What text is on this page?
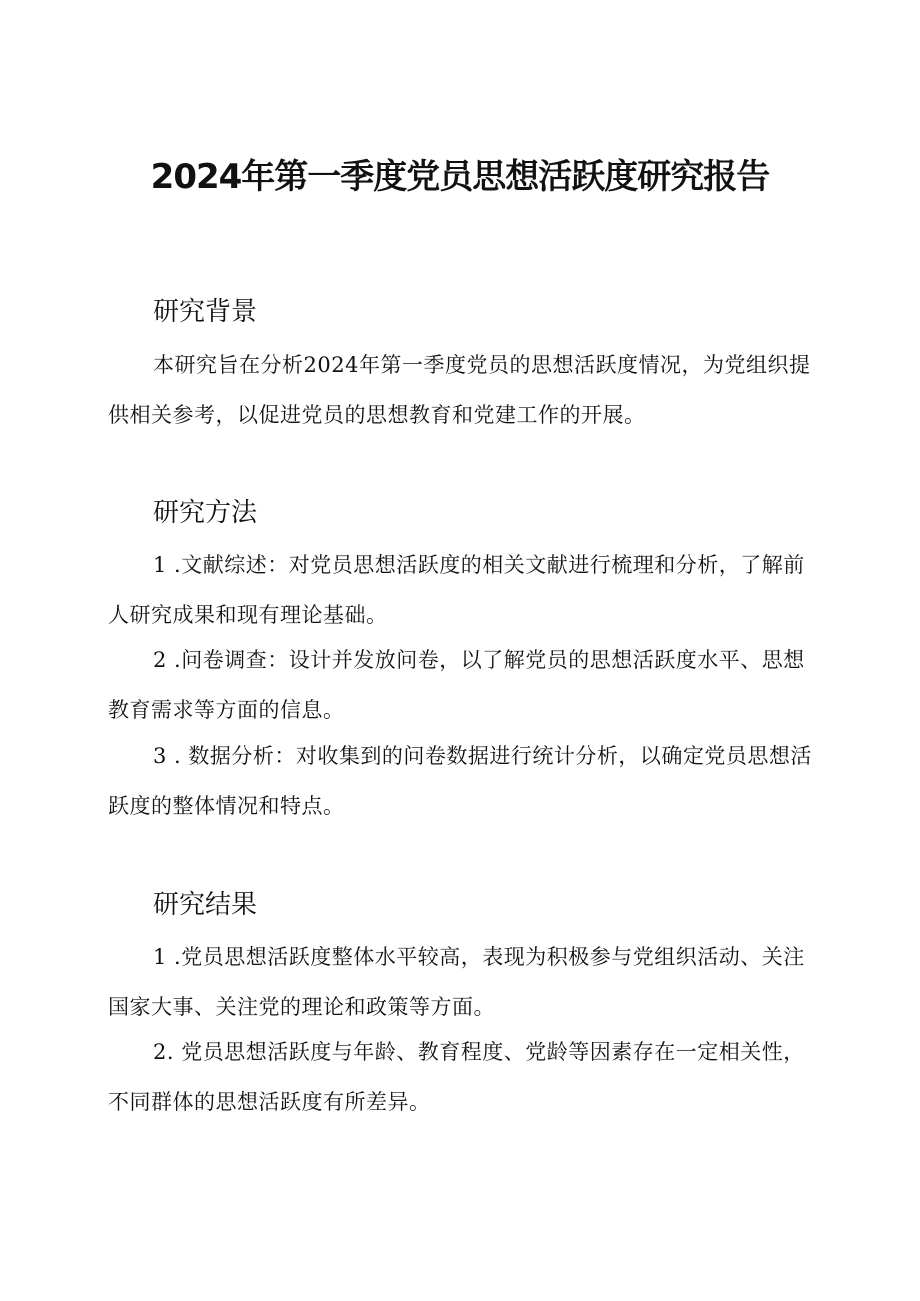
2024年第一季度党员思想活跃度研究报告
研究背景

本研究旨在分析2024年第一季度党员的思想活跃度情况，为党组织提供相关参考，以促进党员的思想教育和党建工作的开展。

研究方法

1 .文献综述：对党员思想活跃度的相关文献进行梳理和分析，了解前人研究成果和现有理论基础。

2 .问卷调查：设计并发放问卷，以了解党员的思想活跃度水平、思想教育需求等方面的信息。

3 . 数据分析：对收集到的问卷数据进行统计分析，以确定党员思想活跃度的整体情况和特点。

研究结果

1 .党员思想活跃度整体水平较高，表现为积极参与党组织活动、关注国家大事、关注党的理论和政策等方面。

2. 党员思想活跃度与年龄、教育程度、党龄等因素存在一定相关性，不同群体的思想活跃度有所差异。
